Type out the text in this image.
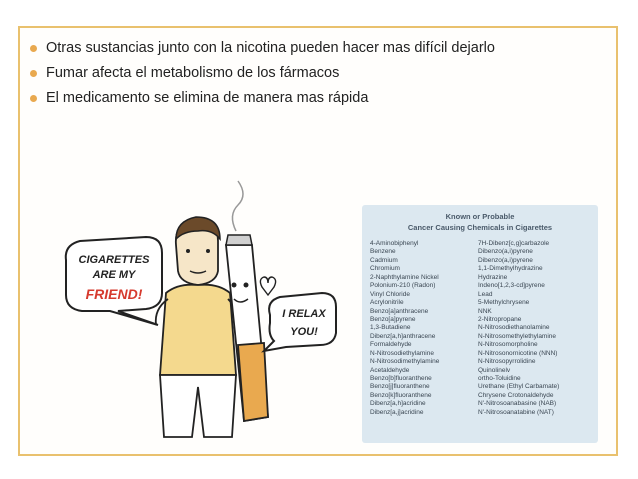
Otras sustancias junto con la nicotina pueden hacer mas difícil dejarlo
Fumar afecta el metabolismo de los fármacos
El medicamento se elimina de manera mas rápida
CIGARETTES
ARE MY
FRIEND!
I RELAX
YOU!
Known or Probable
Cancer Causing Chemicals in Cigarettes
4-Aminobiphenyl	7H-Dibenz[c,g]carbazole
Benzene	Dibenzo(a,i)pyrene
Cadmium	Dibenzo(a,i)pyrene
Chromium	1,1-Dimethylhydrazine
2-Naphthylamine Nickel	Hydrazine
Polonium-210 (Radon)	Indeno[1,2,3-cd]pyrene
Vinyl Chloride	Lead
Acrylonitrile	5-Methylchrysene
Benzo[a]anthracene	NNK
Benzo[a]pyrene	2-Nitropropane
1,3-Butadiene	N-Nitrosodiethanolamine
Dibenz[a,h]anthracene	N-Nitrosomethylethylamine
Formaldehyde	N-Nitrosomorpholine
N-Nitrosodiethylamine	N-Nitrosonornicotine (NNN)
N-Nitrosodimethylamine	N-Nitrosopyrrolidine
Acetaldehyde	Quinolinelv
Benzo[b]fluoranthene	ortho-Toluidine
Benzo[j]fluoranthene	Urethane (Ethyl Carbamate)
Benzo[k]fluoranthene	Chrysene Crotonaldehyde
Dibenz[a,h]acridine	N'-Nitrosoanabasine (NAB)
Dibenz[a,j]acridine	N'-Nitrosoanatabine (NAT)
